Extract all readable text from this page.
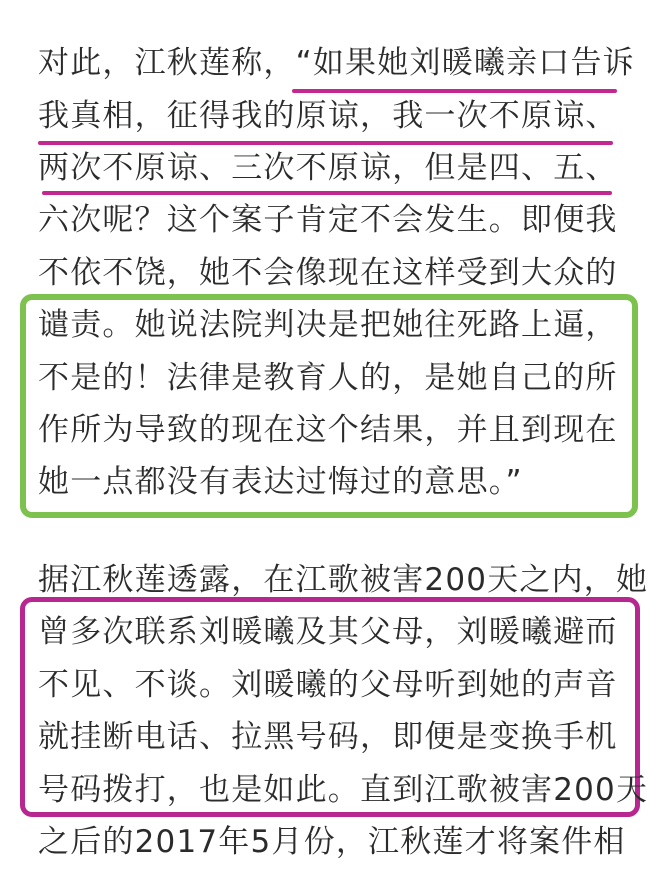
对此，江秋莲称，“如果她刘暖曦亲口告诉
我真相，征得我的原谅，我一次不原谅、
两次不原谅、三次不原谅，但是四、五、
六次呢？这个案子肯定不会发生。即便我
不依不饶，她不会像现在这样受到大众的
谴责。她说法院判决是把她往死路上逼，
不是的！法律是教育人的，是她自己的所
作所为导致的现在这个结果，并且到现在
她一点都没有表达过悔过的意思。”
据江秋莲透露，在江歌被害200天之内，她
曾多次联系刘暖曦及其父母，刘暖曦避而
不见、不谈。刘暖曦的父母听到她的声音
就挂断电话、拉黑号码，即便是变换手机
号码拨打，也是如此。直到江歌被害200天
之后的2017年5月份，江秋莲才将案件相
